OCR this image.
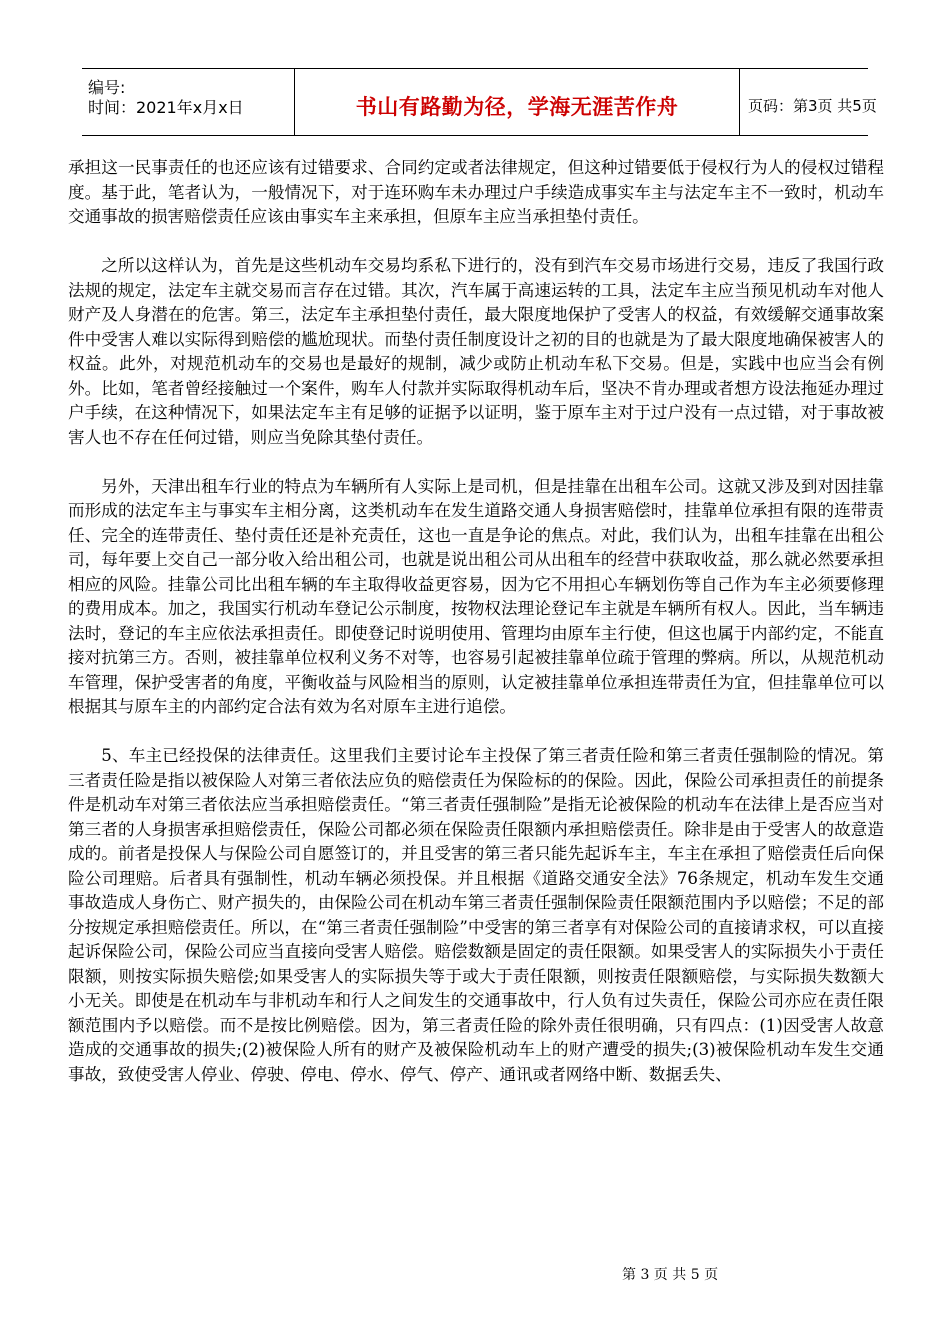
编号:
时间：2021年x月x日	书山有路勤为径，学海无涯苦作舟	页码：第3页 共5页

承担这一民事责任的也还应该有过错要求、合同约定或者法律规定，但这种过错要低于侵权行为人的侵权过错程度。基于此，笔者认为，一般情况下，对于连环购车未办理过户手续造成事实车主与法定车主不一致时，机动车交通事故的损害赔偿责任应该由事实车主来承担，但原车主应当承担垫付责任。

之所以这样认为，首先是这些机动车交易均系私下进行的，没有到汽车交易市场进行交易，违反了我国行政法规的规定，法定车主就交易而言存在过错。其次，汽车属于高速运转的工具，法定车主应当预见机动车对他人财产及人身潜在的危害。第三，法定车主承担垫付责任，最大限度地保护了受害人的权益，有效缓解交通事故案件中受害人难以实际得到赔偿的尴尬现状。而垫付责任制度设计之初的目的也就是为了最大限度地确保被害人的权益。此外，对规范机动车的交易也是最好的规制，减少或防止机动车私下交易。但是，实践中也应当会有例外。比如，笔者曾经接触过一个案件，购车人付款并实际取得机动车后，坚决不肯办理或者想方设法拖延办理过户手续，在这种情况下，如果法定车主有足够的证据予以证明，鉴于原车主对于过户没有一点过错，对于事故被害人也不存在任何过错，则应当免除其垫付责任。

另外，天津出租车行业的特点为车辆所有人实际上是司机，但是挂靠在出租车公司。这就又涉及到对因挂靠而形成的法定车主与事实车主相分离，这类机动车在发生道路交通人身损害赔偿时，挂靠单位承担有限的连带责任、完全的连带责任、垫付责任还是补充责任，这也一直是争论的焦点。对此，我们认为，出租车挂靠在出租公司，每年要上交自己一部分收入给出租公司，也就是说出租公司从出租车的经营中获取收益，那么就必然要承担相应的风险。挂靠公司比出租车辆的车主取得收益更容易，因为它不用担心车辆划伤等自己作为车主必须要修理的费用成本。加之，我国实行机动车登记公示制度，按物权法理论登记车主就是车辆所有权人。因此，当车辆违法时，登记的车主应依法承担责任。即使登记时说明使用、管理均由原车主行使，但这也属于内部约定，不能直接对抗第三方。否则，被挂靠单位权利义务不对等，也容易引起被挂靠单位疏于管理的弊病。所以，从规范机动车管理，保护受害者的角度，平衡收益与风险相当的原则，认定被挂靠单位承担连带责任为宜，但挂靠单位可以根据其与原车主的内部约定合法有效为名对原车主进行追偿。

5、车主已经投保的法律责任。这里我们主要讨论车主投保了第三者责任险和第三者责任强制险的情况。第三者责任险是指以被保险人对第三者依法应负的赔偿责任为保险标的的保险。因此，保险公司承担责任的前提条件是机动车对第三者依法应当承担赔偿责任。“第三者责任强制险”是指无论被保险的机动车在法律上是否应当对第三者的人身损害承担赔偿责任，保险公司都必须在保险责任限额内承担赔偿责任。除非是由于受害人的故意造成的。前者是投保人与保险公司自愿签订的，并且受害的第三者只能先起诉车主，车主在承担了赔偿责任后向保险公司理赔。后者具有强制性，机动车辆必须投保。并且根据《道路交通安全法》76条规定，机动车发生交通事故造成人身伤亡、财产损失的，由保险公司在机动车第三者责任强制保险责任限额范围内予以赔偿；不足的部分按规定承担赔偿责任。所以，在“第三者责任强制险”中受害的第三者享有对保险公司的直接请求权，可以直接起诉保险公司，保险公司应当直接向受害人赔偿。赔偿数额是固定的责任限额。如果受害人的实际损失小于责任限额，则按实际损失赔偿;如果受害人的实际损失等于或大于责任限额，则按责任限额赔偿，与实际损失数额大小无关。即使是在机动车与非机动车和行人之间发生的交通事故中，行人负有过失责任，保险公司亦应在责任限额范围内予以赔偿。而不是按比例赔偿。因为，第三者责任险的除外责任很明确，只有四点：(1)因受害人故意造成的交通事故的损失;(2)被保险人所有的财产及被保险机动车上的财产遭受的损失;(3)被保险机动车发生交通事故，致使受害人停业、停驶、停电、停水、停气、停产、通讯或者网络中断、数据丢失、

第 3 页 共 5 页
